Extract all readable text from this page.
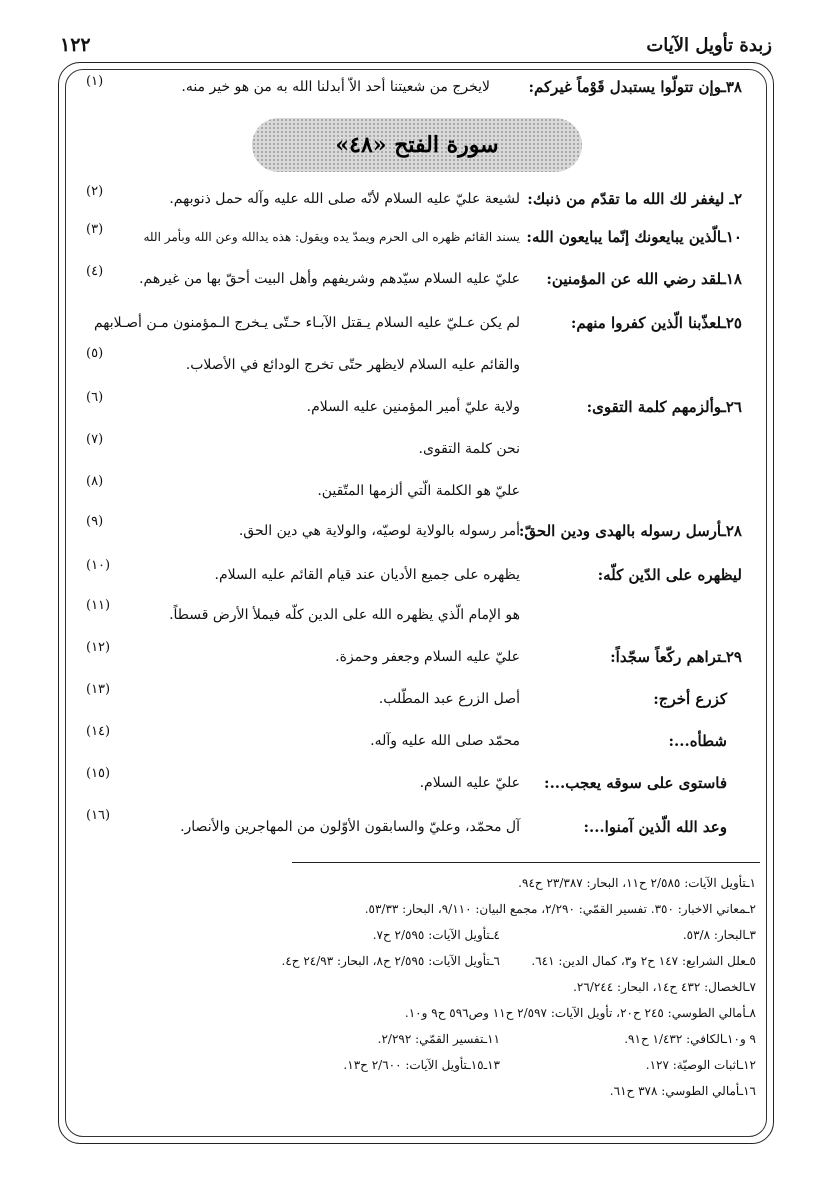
١٢٢	زبدة تأويل الآيات
٣٨ـوإن تتولّوا يستبدل قَوْماً غيركم:
لايخرج من شعيتنا أحد الاّ أبدلنا الله به من هو خير منه.
(١)
سورة الفتح «٤٨»
٢ـ ليغفر لك الله ما تقدّم من ذنبك:
لشيعة عليّ عليه السلام لأنّه صلى الله عليه وآله حمل ذنوبهم.
(٢)
١٠ـالّذين يبايعونك إنّما يبايعون الله:
يسند القائم ظهره الى الحرم ويمدّ يده ويقول: هذه يدالله وعن الله وبأمر الله
(٣)
١٨ـلقد رضي الله عن المؤمنين:
عليّ عليه السلام سيّدهم وشريفهم وأهل البيت أحقّ بها من غيرهم.
(٤)
٢٥ـلعذّبنا الّذين كفروا منهم:
لم يكن عـليّ عليه السلام يـقتل الآبـاء حـتّى يـخرج الـمؤمنون مـن أصـلابهم
والقائم عليه السلام لايظهر حتّى تخرج الودائع في الأصلاب.
(٥)
٢٦ـوألزمهم كلمة التقوى:
ولاية عليّ أمير المؤمنين عليه السلام.
(٦)
نحن كلمة التقوى.
(٧)
عليّ هو الكلمة الّتي ألزمها المتّقين.
(٨)
٢٨ـأرسل رسوله بالهدى ودين الحقّ:
أمر رسوله بالولاية لوصيّه، والولاية هي دين الحق.
(٩)
ليظهره على الدّين كلّه:
يظهره على جميع الأديان عند قيام القائم عليه السلام.
(١٠)
هو الإمام الّذي يظهره الله على الدين كلّه فيملأ الأرض قسطاً.
(١١)
٢٩ـتراهم ركّعاً سجّداً:
عليّ عليه السلام وجعفر وحمزة.
(١٢)
كزرع أخرج:
أصل الزرع عبد المطّلب.
(١٣)
شطأه...:
محمّد صلى الله عليه وآله.
(١٤)
فاستوى على سوقه يعجب...:
عليّ عليه السلام.
(١٥)
وعد الله الّذين آمنوا...:
آل محمّد، وعليّ والسابقون الأوّلون من المهاجرين والأنصار.
(١٦)
١ـتأويل الآيات: ٢/٥٨٥ ح١١، البحار: ٢٣/٣٨٧ ح٩٤.
٢ـمعاني الاخبار: ٣٥٠. تفسير القمّي: ٢/٢٩٠، مجمع البيان: ٩/١١٠، البحار: ٥٣/٣٣.
٣ـالبحار: ٥٣/٨.
٤ـتأويل الآيات: ٢/٥٩٥ ح٧.
٥ـعلل الشرايع: ١٤٧ ح٢ و٣، كمال الدين: ٦٤١.
٦ـتأويل الآيات: ٢/٥٩٥ ح٨، البحار: ٢٤/٩٣ ح٤.
٧ـالخصال: ٤٣٢ ح١٤، البحار: ٢٦/٢٤٤.
٨ـأمالي الطوسي: ٢٤٥ ح٢٠، تأويل الآيات: ٢/٥٩٧ ح١١ وص٥٩٦ ح٩ و١٠.
٩ و١٠ـالكافي: ١/٤٣٢ ح٩١.
١١ـتفسير القمّي: ٢/٢٩٢.
١٢ـاثبات الوصيّة: ١٢٧.
١٣ـ١٥ـتأويل الآيات: ٢/٦٠٠ ح١٣.
١٦ـأمالي الطوسي: ٣٧٨ ح٦١.
